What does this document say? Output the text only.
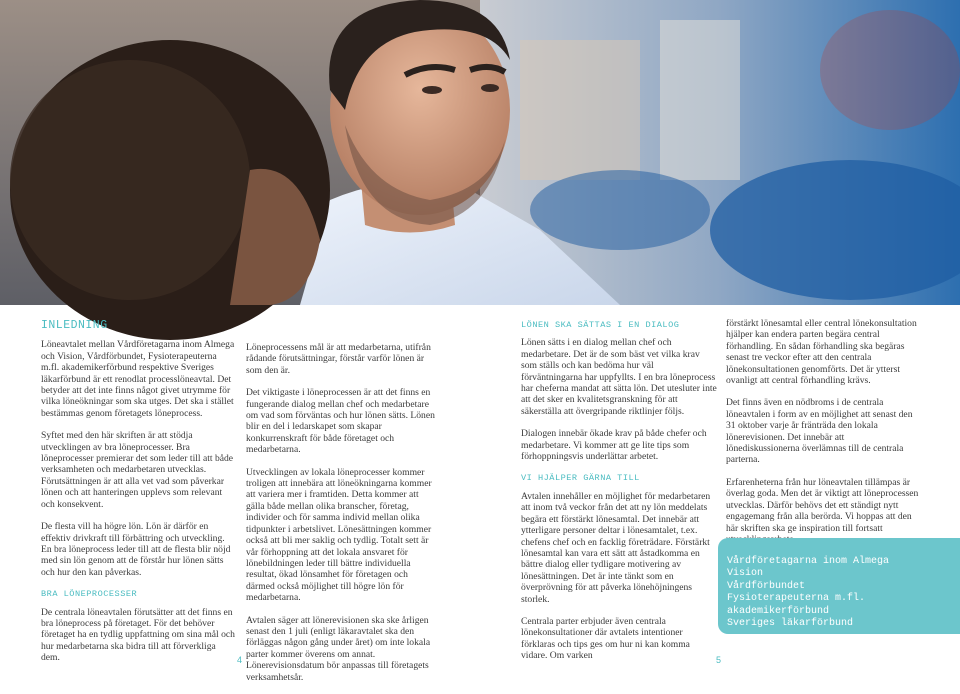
INLEDNING

Löneavtalet mellan Vårdföretagarna inom Almega och Vision, Vårdförbundet, Fysioterapeuterna m.fl. akademikerförbund respektive Sveriges läkarförbund är ett renodlat processlöneavtal. Det betyder att det inte finns något givet utrymme för vilka löneökningar som ska utges. Det ska i stället bestämmas genom företagets löneprocess.

Syftet med den här skriften är att stödja utvecklingen av bra löneprocesser. Bra löneprocesser premierar det som leder till att både verksamheten och medarbetaren utvecklas. Förutsättningen är att alla vet vad som påverkar lönen och att hanteringen upplevs som relevant och konsekvent.

De flesta vill ha högre lön. Lön är därför en effektiv drivkraft till förbättring och utveckling. En bra löneprocess leder till att de flesta blir nöjd med sin lön genom att de förstår hur lönen sätts och hur den kan påverkas.

BRA LÖNEPROCESSER

De centrala löneavtalen förutsätter att det finns en bra löneprocess på företaget. För det behöver företaget ha en tydlig uppfattning om sina mål och hur medarbetarna ska bidra till att förverkliga dem.

Löneprocessens mål är att medarbetarna, utifrån rådande förutsättningar, förstår varför lönen är som den är.

Det viktigaste i löneprocessen är att det finns en fungerande dialog mellan chef och medarbetare om vad som förväntas och hur lönen sätts. Lönen blir en del i ledarskapet som skapar konkurrenskraft för både företaget och medarbetarna.

Utvecklingen av lokala löneprocesser kommer troligen att innebära att löneökningarna kommer att variera mer i framtiden. Detta kommer att gälla både mellan olika branscher, företag, individer och för samma individ mellan olika tidpunkter i arbetslivet. Lönesättningen kommer också att bli mer saklig och tydlig. Totalt sett är vår förhoppning att det lokala ansvaret för lönebildningen leder till bättre individuella resultat, ökad lönsamhet för företagen och därmed också möjlighet till högre lön för medarbetarna.

Avtalen säger att lönerevisionen ska ske årligen senast den 1 juli (enligt läkaravtalet ska den förläggas någon gång under året) om inte lokala parter kommer överens om annat. Lönerevisionsdatum bör anpassas till företagets verksamhetsår.

LÖNEN SKA SÄTTAS I EN DIALOG

Lönen sätts i en dialog mellan chef och medarbetare. Det är de som bäst vet vilka krav som ställs och kan bedöma hur väl förväntningarna har uppfyllts. I en bra löneprocess har cheferna mandat att sätta lön. Det utesluter inte att det sker en kvalitetsgranskning för att säkerställa att övergripande riktlinjer följs.

Dialogen innebär ökade krav på både chefer och medarbetare. Vi kommer att ge lite tips som förhoppningsvis underlättar arbetet.

VI HJÄLPER GÄRNA TILL

Avtalen innehåller en möjlighet för medarbetaren att inom två veckor från det att ny lön meddelats begära ett förstärkt lönesamtal. Det innebär att ytterligare personer deltar i lönesamtalet, t.ex. chefens chef och en facklig företrädare. Förstärkt lönesamtal kan vara ett sätt att åstadkomma en bättre dialog eller tydligare motivering av lönesättningen. Det är inte tänkt som en överprövning för att påverka lönehöjningens storlek.

Centrala parter erbjuder även centrala lönekonsultationer där avtalets intentioner förklaras och tips ges om hur ni kan komma vidare. Om varken

förstärkt lönesamtal eller central lönekonsultation hjälper kan endera parten begära central förhandling. En sådan förhandling ska begäras senast tre veckor efter att den centrala lönekonsultationen genomförts. Det är ytterst ovanligt att central förhandling krävs.

Det finns även en nödbroms i de centrala löneavtalen i form av en möjlighet att senast den 31 oktober varje år fränträda den lokala lönerevisionen. Det innebär att lönediskussionerna överlämnas till de centrala parterna.

Erfarenheterna från hur löneavtalen tillämpas är överlag goda. Men det är viktigt att löneprocessen utvecklas. Därför behövs det ett ständigt nytt engagemang från alla berörda. Vi hoppas att den här skriften ska ge inspiration till fortsatt

Vårdföretagarna inom Almega
Vision
Vårdförbundet
Fysioterapeuterna m.fl. akademikerförbund
Sveriges läkarförbund
4	5
